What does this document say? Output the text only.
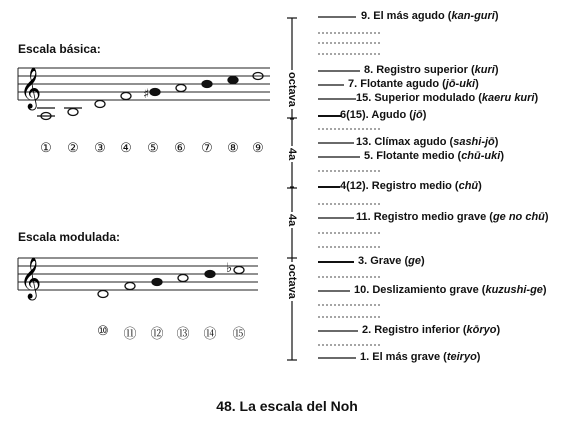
𝄞	♯
𝄞	♭
Escala básica:
Escala modulada:
① ② ③ ④ ⑤ ⑥ ⑦ ⑧ ⑨
⑩ ⑪ ⑫ ⑬ ⑭ ⑮
octava
4a
4a
octava
9. El más agudo (kan-guri)
8. Registro superior (kuri)
7. Flotante agudo (jō-uki)
15. Superior modulado (kaeru kuri)
6(15). Agudo (jō)
13. Clímax agudo (sashi-jō)
5. Flotante medio (chū-uki)
4(12). Registro medio (chū)
11. Registro medio grave (ge no chū)
3. Grave (ge)
10. Deslizamiento grave (kuzushi-ge)
2. Registro inferior (kōryo)
1. El más grave (teiryo)
48. La escala del Noh
